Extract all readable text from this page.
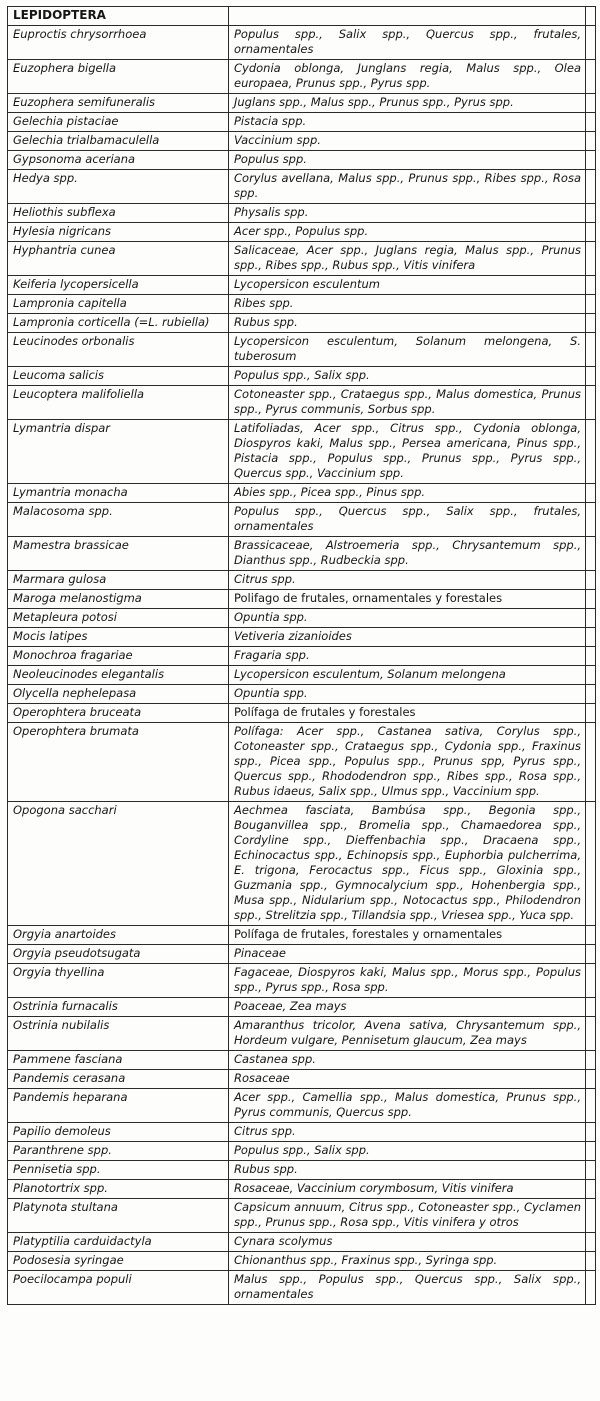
LEPIDOPTERA		
Euproctis chrysorrhoea	Populus spp., Salix spp., Quercus spp., frutales, ornamentales	
Euzophera bigella	Cydonia oblonga, Junglans regia, Malus spp., Olea europaea, Prunus spp., Pyrus spp.	
Euzophera semifuneralis	Juglans spp., Malus spp., Prunus spp., Pyrus spp.	
Gelechia pistaciae	Pistacia spp.	
Gelechia trialbamaculella	Vaccinium spp.	
Gypsonoma aceriana	Populus spp.	
Hedya spp.	Corylus avellana, Malus spp., Prunus spp., Ribes spp., Rosa spp.	
Heliothis subflexa	Physalis spp.	
Hylesia nigricans	Acer spp., Populus spp.	
Hyphantria cunea	Salicaceae, Acer spp., Juglans regia, Malus spp., Prunus spp., Ribes spp., Rubus spp., Vitis vinifera	
Keiferia lycopersicella	Lycopersicon esculentum	
Lampronia capitella	Ribes spp.	
Lampronia corticella (=L. rubiella)	Rubus spp.	
Leucinodes orbonalis	Lycopersicon esculentum, Solanum melongena, S. tuberosum	
Leucoma salicis	Populus spp., Salix spp.	
Leucoptera malifoliella	Cotoneaster spp., Crataegus spp., Malus domestica, Prunus spp., Pyrus communis, Sorbus spp.	
Lymantria dispar	Latifoliadas, Acer spp., Citrus spp., Cydonia oblonga, Diospyros kaki, Malus spp., Persea americana, Pinus spp., Pistacia spp., Populus spp., Prunus spp., Pyrus spp., Quercus spp., Vaccinium spp.	
Lymantria monacha	Abies spp., Picea spp., Pinus spp.	
Malacosoma spp.	Populus spp., Quercus spp., Salix spp., frutales, ornamentales	
Mamestra brassicae	Brassicaceae, Alstroemeria spp., Chrysantemum spp., Dianthus spp., Rudbeckia spp.	
Marmara gulosa	Citrus spp.	
Maroga melanostigma	Polifago de frutales, ornamentales y forestales	
Metapleura potosi	Opuntia spp.	
Mocis latipes	Vetiveria zizanioides	
Monochroa fragariae	Fragaria spp.	
Neoleucinodes elegantalis	Lycopersicon esculentum, Solanum melongena	
Olycella nephelepasa	Opuntia spp.	
Operophtera bruceata	Polífaga de frutales y forestales	
Operophtera brumata	Polífaga: Acer spp., Castanea sativa, Corylus spp., Cotoneaster spp., Crataegus spp., Cydonia spp., Fraxinus spp., Picea spp., Populus spp., Prunus spp, Pyrus spp., Quercus spp., Rhododendron spp., Ribes spp., Rosa spp., Rubus idaeus, Salix spp., Ulmus spp., Vaccinium spp.	
Opogona sacchari	Aechmea fasciata, Bambúsa spp., Begonia spp., Bouganvillea spp., Bromelia spp., Chamaedorea spp., Cordyline spp., Dieffenbachia spp., Dracaena spp., Echinocactus spp., Echinopsis spp., Euphorbia pulcherrima, E. trigona, Ferocactus spp., Ficus spp., Gloxinia spp., Guzmania spp., Gymnocalycium spp., Hohenbergia spp., Musa spp., Nidularium spp., Notocactus spp., Philodendron spp., Strelitzia spp., Tillandsia spp., Vriesea spp., Yuca spp.	
Orgyia anartoides	Polífaga de frutales, forestales y ornamentales	
Orgyia pseudotsugata	Pinaceae	
Orgyia thyellina	Fagaceae, Diospyros kaki, Malus spp., Morus spp., Populus spp., Pyrus spp., Rosa spp.	
Ostrinia furnacalis	Poaceae, Zea mays	
Ostrinia nubilalis	Amaranthus tricolor, Avena sativa, Chrysantemum spp., Hordeum vulgare, Pennisetum glaucum, Zea mays	
Pammene fasciana	Castanea spp.	
Pandemis cerasana	Rosaceae	
Pandemis heparana	Acer spp., Camellia spp., Malus domestica, Prunus spp., Pyrus communis, Quercus spp.	
Papilio demoleus	Citrus spp.	
Paranthrene spp.	Populus spp., Salix spp.	
Pennisetia spp.	Rubus spp.	
Planotortrix spp.	Rosaceae, Vaccinium corymbosum, Vitis vinifera	
Platynota stultana	Capsicum annuum, Citrus spp., Cotoneaster spp., Cyclamen spp., Prunus spp., Rosa spp., Vitis vinifera y otros	
Platyptilia carduidactyla	Cynara scolymus	
Podosesia syringae	Chionanthus spp., Fraxinus spp., Syringa spp.	
Poecilocampa populi	Malus spp., Populus spp., Quercus spp., Salix spp., ornamentales	
